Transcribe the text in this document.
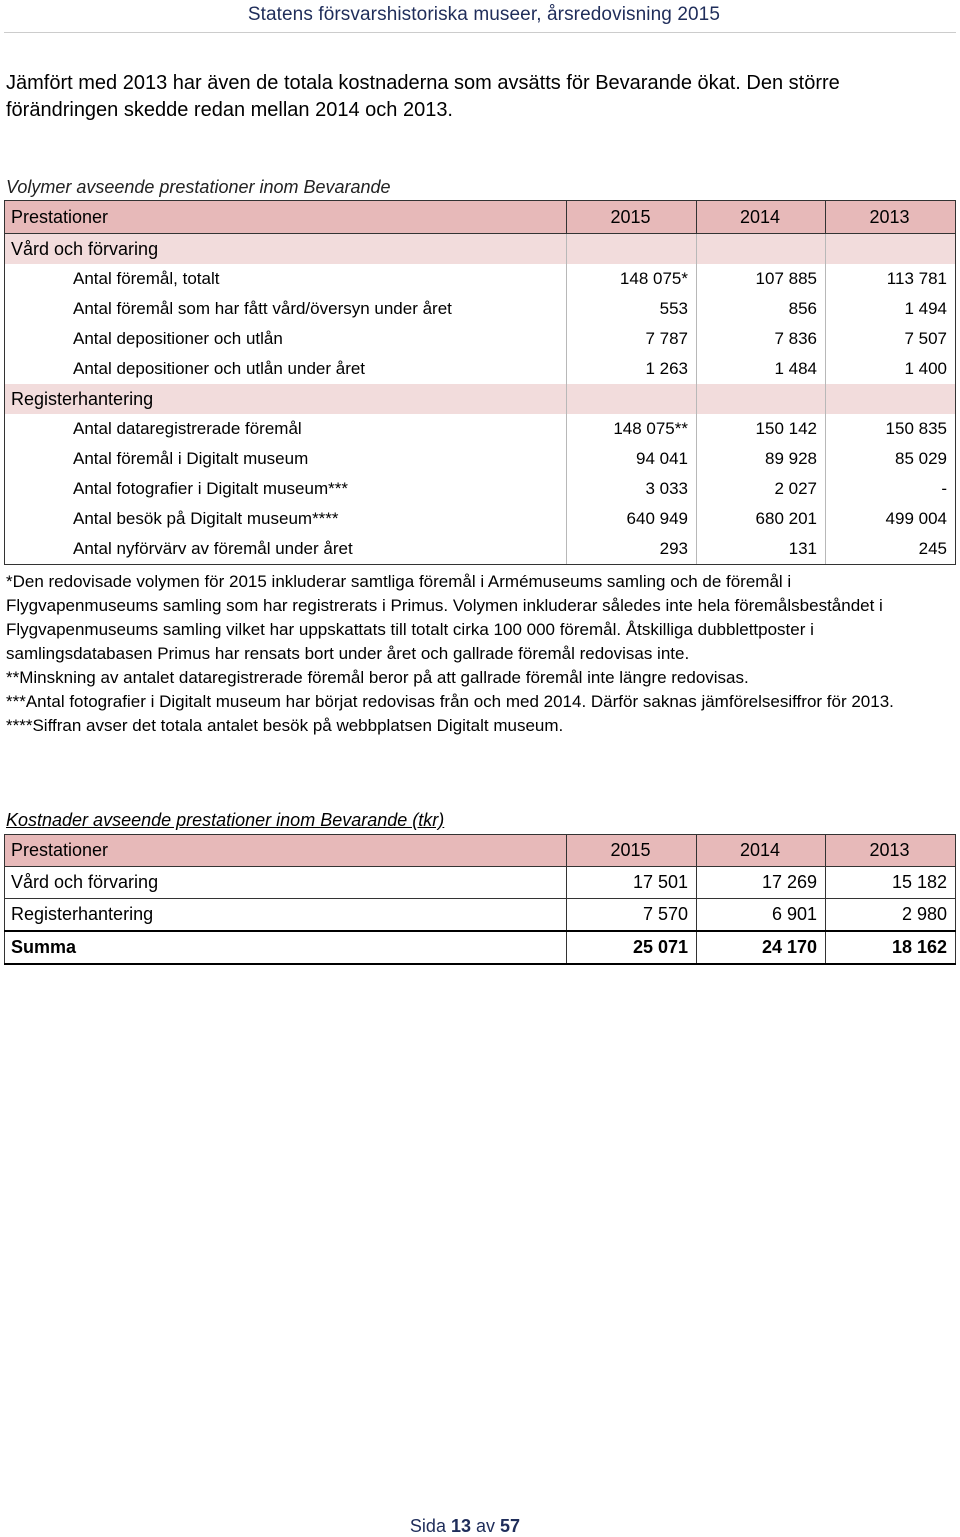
Statens försvarshistoriska museer, årsredovisning 2015
Jämfört med 2013 har även de totala kostnaderna som avsätts för Bevarande ökat. Den större förändringen skedde redan mellan 2014 och 2013.
Volymer avseende prestationer inom Bevarande
Prestationer	2015	2014	2013
Vård och förvaring			
Antal föremål, totalt	148 075*	107 885	113 781
Antal föremål som har fått vård/översyn under året	553	856	1 494
Antal depositioner och utlån	7 787	7 836	7 507
Antal depositioner och utlån under året	1 263	1 484	1 400
Registerhantering			
Antal dataregistrerade föremål	148 075**	150 142	150 835
Antal föremål i Digitalt museum	94 041	89 928	85 029
Antal fotografier i Digitalt museum***	3 033	2 027	-
Antal besök på Digitalt museum****	640 949	680 201	499 004
Antal nyförvärv av föremål under året	293	131	245

*Den redovisade volymen för 2015 inkluderar samtliga föremål i Armémuseums samling och de föremål i Flygvapenmuseums samling som har registrerats i Primus. Volymen inkluderar således inte hela föremålsbeståndet i Flygvapenmuseums samling vilket har uppskattats till totalt cirka 100 000 föremål. Åtskilliga dubblettposter i samlingsdatabasen Primus har rensats bort under året och gallrade föremål redovisas inte.

**Minskning av antalet dataregistrerade föremål beror på att gallrade föremål inte längre redovisas.

***Antal fotografier i Digitalt museum har börjat redovisas från och med 2014. Därför saknas jämförelsesiffror för 2013.

****Siffran avser det totala antalet besök på webbplatsen Digitalt museum.

Kostnader avseende prestationer inom Bevarande (tkr)
Prestationer	2015	2014	2013
Vård och förvaring	17 501	17 269	15 182
Registerhantering	7 570	6 901	2 980
Summa	25 071	24 170	18 162
Sida 13 av 57
